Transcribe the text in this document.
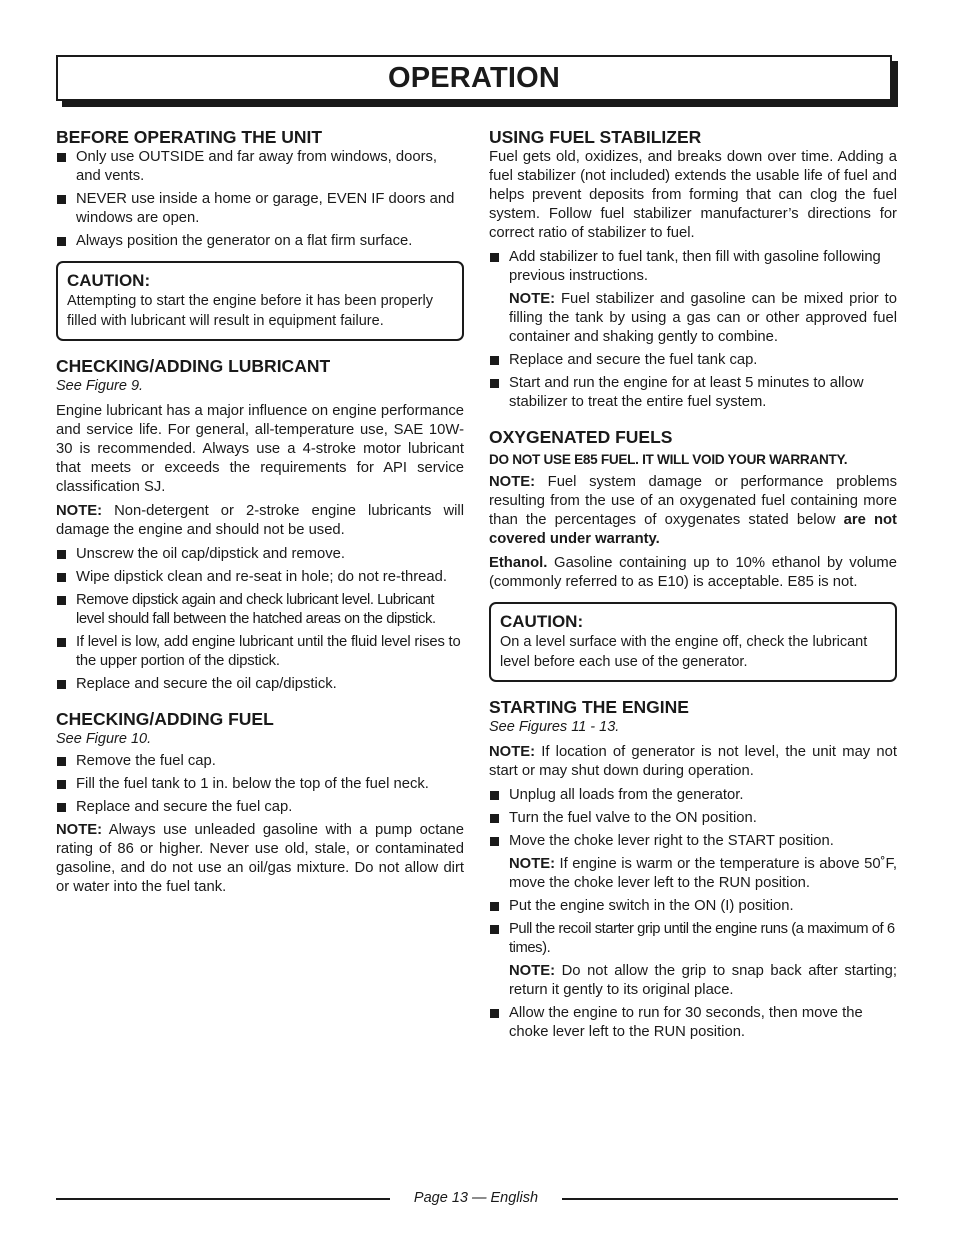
OPERATION
BEFORE OPERATING THE UNIT
Only use OUTSIDE and far away from windows, doors, and vents.
NEVER use inside a home or garage, EVEN IF doors and windows are open.
Always position the generator on a flat firm surface.
CAUTION:

Attempting to start the engine before it has been properly filled with lubricant will result in equipment failure.

CHECKING/ADDING LUBRICANT
See Figure 9.

Engine lubricant has a major influence on engine performance and service life. For general, all-temperature use, SAE 10W-30 is recommended. Always use a 4-stroke motor lubricant that meets or exceeds the requirements for API service classification SJ.

NOTE: Non-detergent or 2-stroke engine lubricants will damage the engine and should not be used.

Unscrew the oil cap/dipstick and remove.
Wipe dipstick clean and re-seat in hole; do not re-thread.
Remove dipstick again and check lubricant level. Lubricant level should fall between the hatched areas on the dipstick.
If level is low, add engine lubricant until the fluid level rises to the upper portion of the dipstick.
Replace and secure the oil cap/dipstick.
CHECKING/ADDING FUEL
See Figure 10.
Remove the fuel cap.
Fill the fuel tank to 1 in. below the top of the fuel neck.
Replace and secure the fuel cap.

NOTE: Always use unleaded gasoline with a pump octane rating of 86 or higher. Never use old, stale, or contaminated gasoline, and do not use an oil/gas mixture. Do not allow dirt or water into the fuel tank.

USING FUEL STABILIZER

Fuel gets old, oxidizes, and breaks down over time. Adding a fuel stabilizer (not included) extends the usable life of fuel and helps prevent deposits from forming that can clog the fuel system. Follow fuel stabilizer manufacturer’s directions for correct ratio of stabilizer to fuel.

Add stabilizer to fuel tank, then fill with gasoline following previous instructions.

NOTE: Fuel stabilizer and gasoline can be mixed prior to filling the tank by using a gas can or other approved fuel container and shaking gently to combine.

Replace and secure the fuel tank cap.
Start and run the engine for at least 5 minutes to allow stabilizer to treat the entire fuel system.
OXYGENATED FUELS
DO NOT USE E85 FUEL. IT WILL VOID YOUR WARRANTY.

NOTE: Fuel system damage or performance problems resulting from the use of an oxygenated fuel containing more than the percentages of oxygenates stated below are not covered under warranty.

Ethanol. Gasoline containing up to 10% ethanol by volume (commonly referred to as E10) is acceptable. E85 is not.

CAUTION:

On a level surface with the engine off, check the lubricant level before each use of the generator.

STARTING THE ENGINE
See Figures 11 - 13.

NOTE: If location of generator is not level, the unit may not start or may shut down during operation.

Unplug all loads from the generator.
Turn the fuel valve to the ON position.
Move the choke lever right to the START position.

NOTE: If engine is warm or the temperature is above 50˚F, move the choke lever left to the RUN position.

Put the engine switch in the ON (I) position.
Pull the recoil starter grip until the engine runs (a maximum of 6 times).

NOTE: Do not allow the grip to snap back after starting; return it gently to its original place.

Allow the engine to run for 30 seconds, then move the choke lever left to the RUN position.
Page 13 — English
